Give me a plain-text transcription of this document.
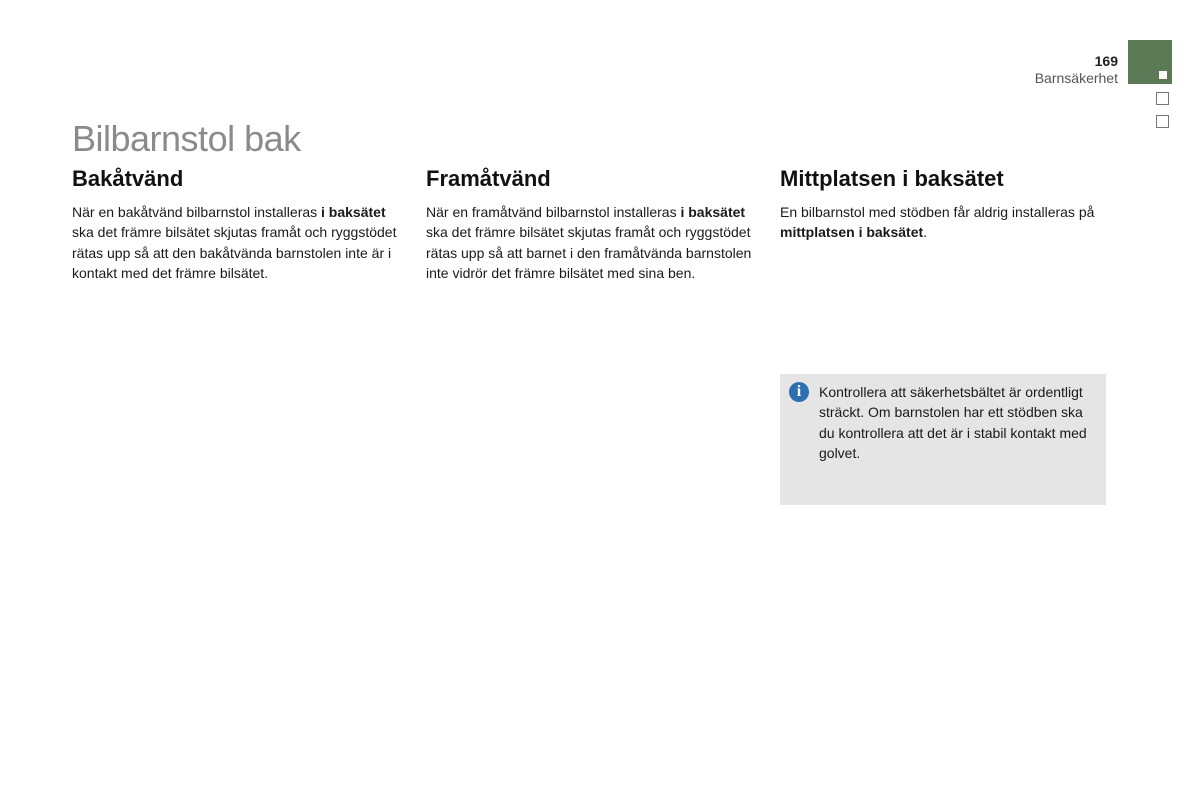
169
Barnsäkerhet
Bilbarnstol bak
Bakåtvänd

När en bakåtvänd bilbarnstol installeras i baksätet ska det främre bilsätet skjutas framåt och ryggstödet rätas upp så att den bakåtvända barnstolen inte är i kontakt med det främre bilsätet.

Framåtvänd

När en framåtvänd bilbarnstol installeras i baksätet ska det främre bilsätet skjutas framåt och ryggstödet rätas upp så att barnet i den framåtvända barnstolen inte vidrör det främre bilsätet med sina ben.

Mittplatsen i baksätet

En bilbarnstol med stödben får aldrig installeras på mittplatsen i baksätet.

i	Kontrollera att säkerhetsbältet är ordentligt sträckt. Om barnstolen har ett stödben ska du kontrollera att det är i stabil kontakt med golvet.
